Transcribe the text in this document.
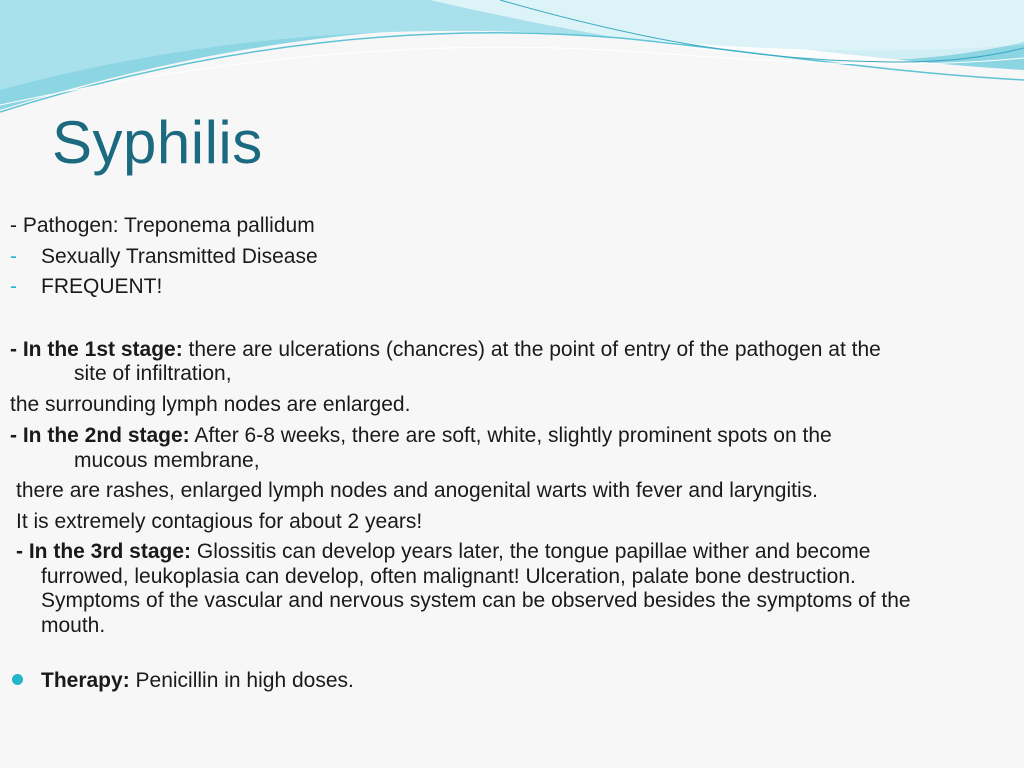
Syphilis
- Pathogen: Treponema pallidum
- Sexually Transmitted Disease
- FREQUENT!
- In the 1st stage: there are ulcerations (chancres) at the point of entry of the pathogen at the
site of infiltration,
the surrounding lymph nodes are enlarged.
- In the 2nd stage: After 6-8 weeks, there are soft, white, slightly prominent spots on the
mucous membrane,
there are rashes, enlarged lymph nodes and anogenital warts with fever and laryngitis.
It is extremely contagious for about 2 years!
- In the 3rd stage: Glossitis can develop years later, the tongue papillae wither and become
furrowed, leukoplasia can develop, often malignant! Ulceration, palate bone destruction.
Symptoms of the vascular and nervous system can be observed besides the symptoms of the
mouth.
Therapy: Penicillin in high doses.
